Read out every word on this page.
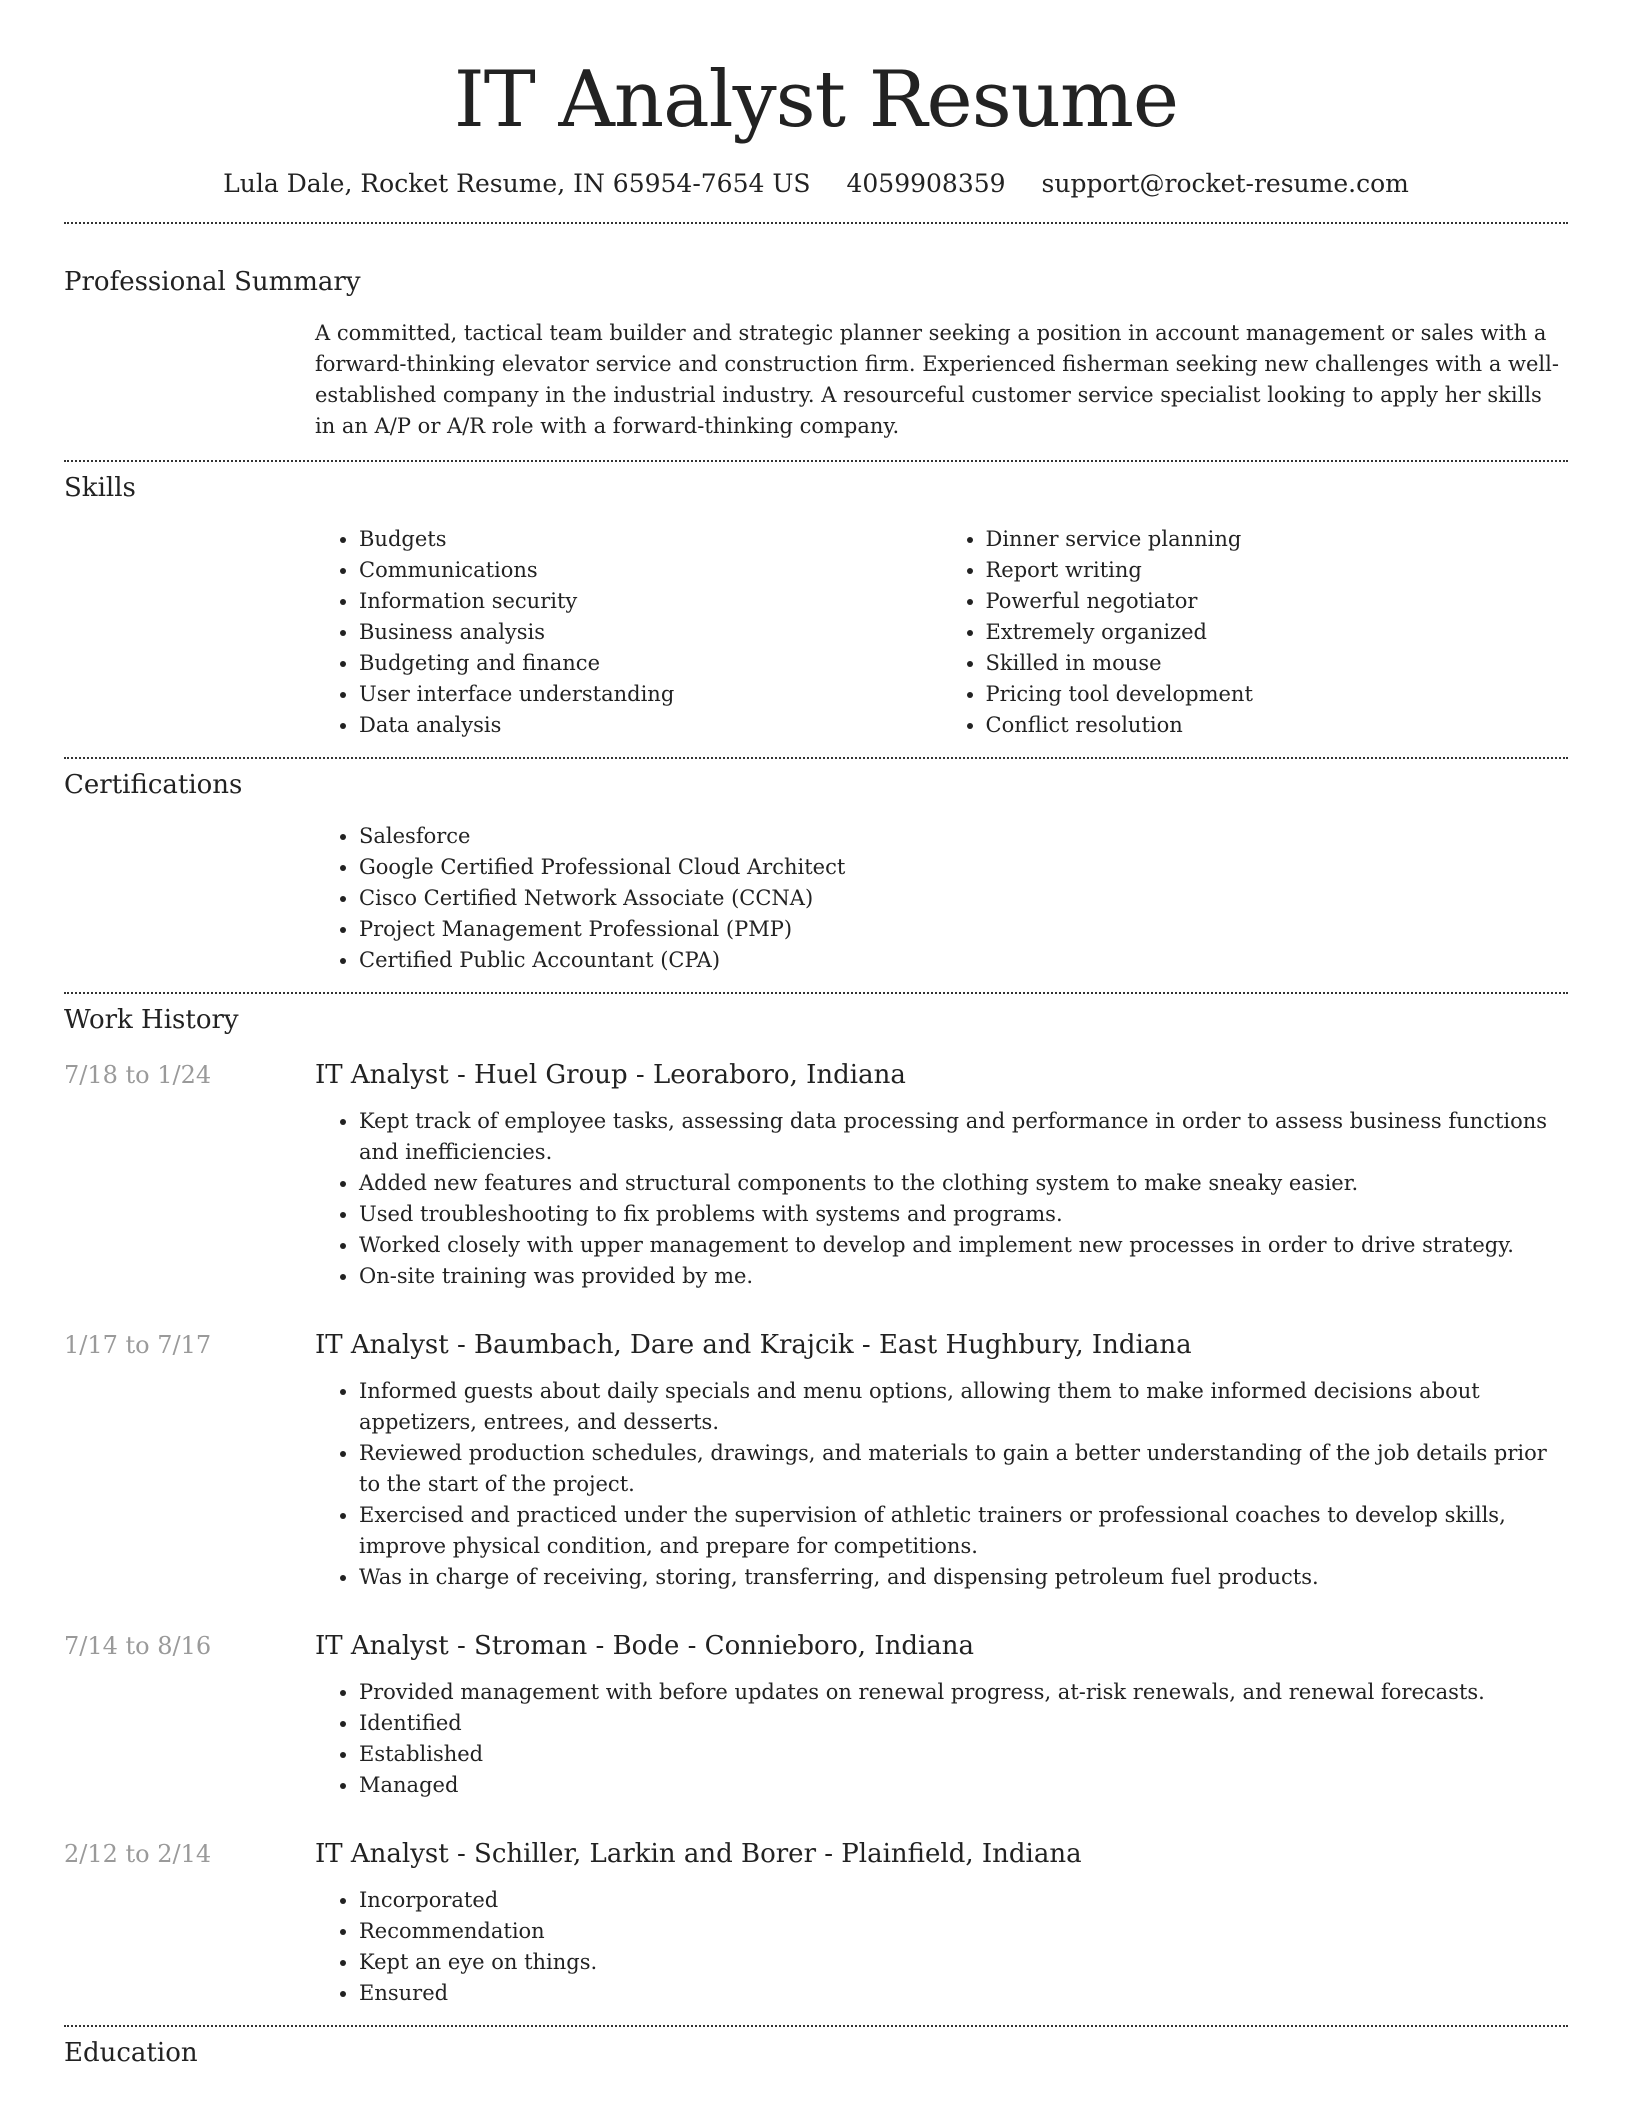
IT Analyst Resume
Lula Dale, Rocket Resume, IN 65954-7654 US 4059908359 support@rocket-resume.com
Professional Summary

A committed, tactical team builder and strategic planner seeking a position in account management or sales with a forward-thinking elevator service and construction firm. Experienced fisherman seeking new challenges with a well-established company in the industrial industry. A resourceful customer service specialist looking to apply her skills in an A/P or A/R role with a forward-thinking company.

Skills
• Budgets
• Communications
• Information security
• Business analysis
• Budgeting and finance
• User interface understanding
• Data analysis
• Dinner service planning
• Report writing
• Powerful negotiator
• Extremely organized
• Skilled in mouse
• Pricing tool development
• Conflict resolution
Certifications
• Salesforce
• Google Certified Professional Cloud Architect
• Cisco Certified Network Associate (CCNA)
• Project Management Professional (PMP)
• Certified Public Accountant (CPA)
Work History
7/18 to 1/24	IT Analyst - Huel Group - Leoraboro, Indiana
• Kept track of employee tasks, assessing data processing and performance in order to assess business functions and inefficiencies.
• Added new features and structural components to the clothing system to make sneaky easier.
• Used troubleshooting to fix problems with systems and programs.
• Worked closely with upper management to develop and implement new processes in order to drive strategy.
• On-site training was provided by me.
1/17 to 7/17	IT Analyst - Baumbach, Dare and Krajcik - East Hughbury, Indiana
• Informed guests about daily specials and menu options, allowing them to make informed decisions about appetizers, entrees, and desserts.
• Reviewed production schedules, drawings, and materials to gain a better understanding of the job details prior to the start of the project.
• Exercised and practiced under the supervision of athletic trainers or professional coaches to develop skills, improve physical condition, and prepare for competitions.
• Was in charge of receiving, storing, transferring, and dispensing petroleum fuel products.
7/14 to 8/16	IT Analyst - Stroman - Bode - Connieboro, Indiana
• Provided management with before updates on renewal progress, at-risk renewals, and renewal forecasts.
• Identified
• Established
• Managed
2/12 to 2/14	IT Analyst - Schiller, Larkin and Borer - Plainfield, Indiana
• Incorporated
• Recommendation
• Kept an eye on things.
• Ensured
Education
